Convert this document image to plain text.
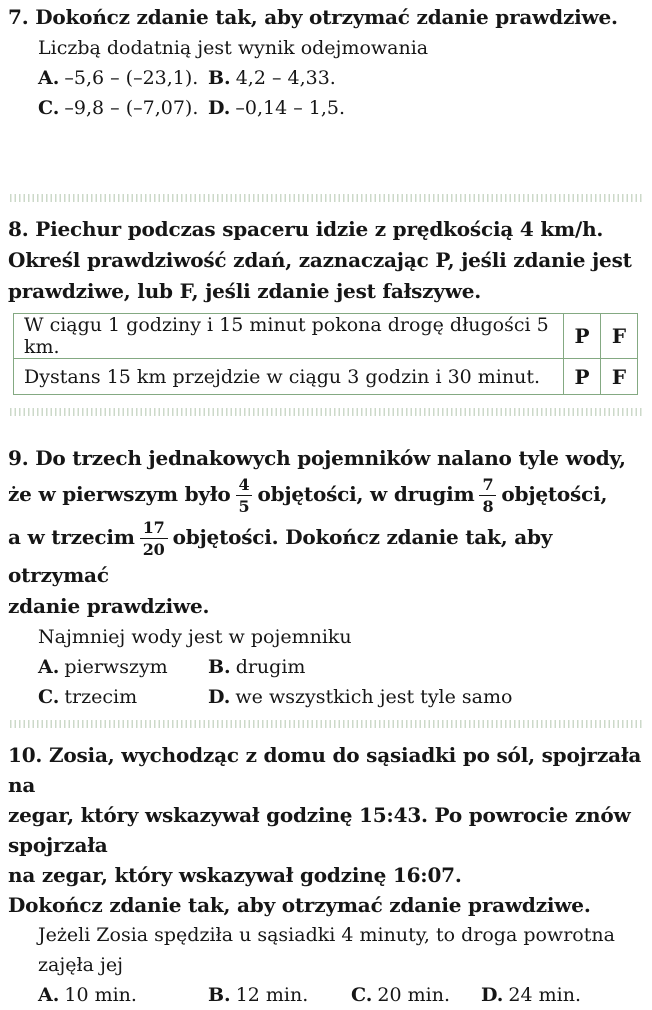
7. Dokończ zdanie tak, aby otrzymać zdanie prawdziwe.
Liczbą dodatnią jest wynik odejmowania
A. –5,6 – (–23,1). B. 4,2 – 4,33.
C. –9,8 – (–7,07). D. –0,14 – 1,5.
8. Piechur podczas spaceru idzie z prędkością 4 km/h.
Określ prawdziwość zdań, zaznaczając P, jeśli zdanie jest
prawdziwe, lub F, jeśli zdanie jest fałszywe.
W ciągu 1 godziny i 15 minut pokona drogę długości 5 km.	P	F
Dystans 15 km przejdzie w ciągu 3 godzin i 30 minut.	P	F
9. Do trzech jednakowych pojemników nalano tyle wody,
że w pierwszym było $\frac{4}{5}$ objętości, w drugim $\frac{7}{8}$ objętości,
a w trzecim $\frac{17}{20}$ objętości. Dokończ zdanie tak, aby otrzymać
zdanie prawdziwe.
Najmniej wody jest w pojemniku
A. pierwszym B. drugim
C. trzecim	D. we wszystkich jest tyle samo
10. Zosia, wychodząc z domu do sąsiadki po sól, spojrzała na
zegar, który wskazywał godzinę 15:43. Po powrocie znów spojrzała
na zegar, który wskazywał godzinę 16:07.
Dokończ zdanie tak, aby otrzymać zdanie prawdziwe.
Jeżeli Zosia spędziła u sąsiadki 4 minuty, to droga powrotna zajęła jej
A. 10 min.	B. 12 min. C. 20 min. D. 24 min.
